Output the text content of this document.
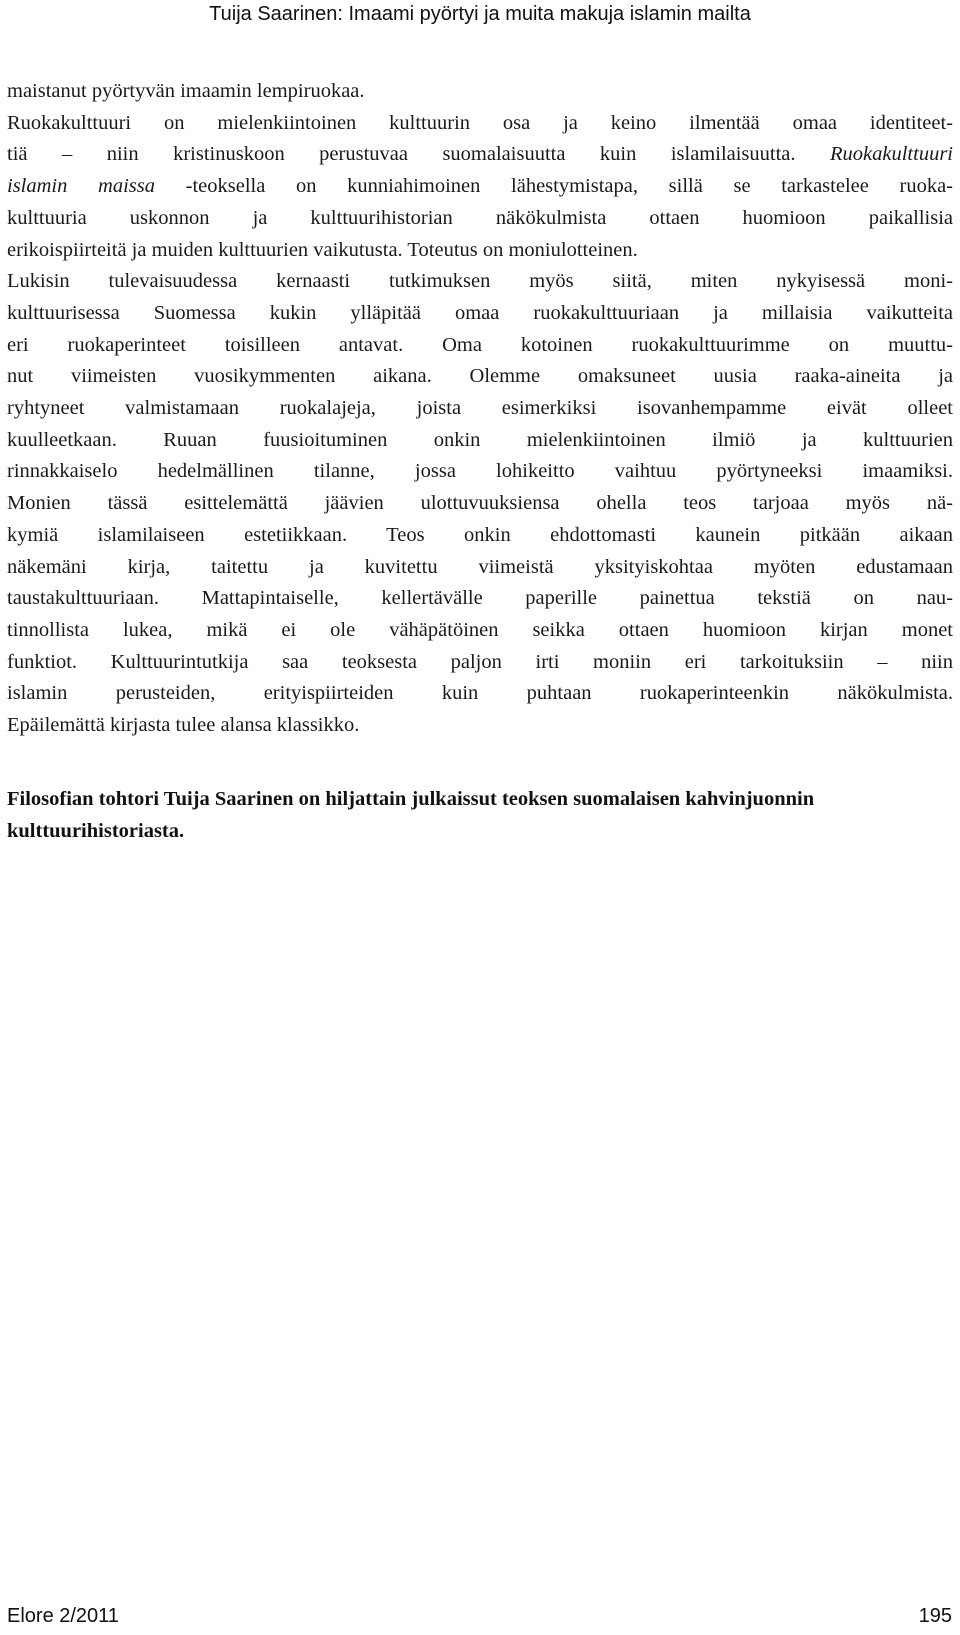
Tuija Saarinen: Imaami pyörtyi ja muita makuja islamin mailta
maistanut pyörtyvän imaamin lempiruokaa.
Ruokakulttuuri on mielenkiintoinen kulttuurin osa ja keino ilmentää omaa identiteet-
tiä – niin kristinuskoon perustuvaa suomalaisuutta kuin islamilaisuutta. Ruokakulttuuri
islamin maissa -teoksella on kunniahimoinen lähestymistapa, sillä se tarkastelee ruoka-
kulttuuria uskonnon ja kulttuurihistorian näkökulmista ottaen huomioon paikallisia
erikoispiirteitä ja muiden kulttuurien vaikutusta. Toteutus on moniulotteinen.
Lukisin tulevaisuudessa kernaasti tutkimuksen myös siitä, miten nykyisessä moni-
kulttuurisessa Suomessa kukin ylläpitää omaa ruokakulttuuriaan ja millaisia vaikutteita
eri ruokaperinteet toisilleen antavat. Oma kotoinen ruokakulttuurimme on muuttu-
nut viimeisten vuosikymmenten aikana. Olemme omaksuneet uusia raaka-aineita ja
ryhtyneet valmistamaan ruokalajeja, joista esimerkiksi isovanhempamme eivät olleet
kuulleetkaan. Ruuan fuusioituminen onkin mielenkiintoinen ilmiö ja kulttuurien
rinnakkaiselo hedelmällinen tilanne, jossa lohikeitto vaihtuu pyörtyneeksi imaamiksi.
Monien tässä esittelemättä jäävien ulottuvuuksiensa ohella teos tarjoaa myös nä-
kymiä islamilaiseen estetiikkaan. Teos onkin ehdottomasti kaunein pitkään aikaan
näkemäni kirja, taitettu ja kuvitettu viimeistä yksityiskohtaa myöten edustamaan
taustakulttuuriaan. Mattapintaiselle, kellertävälle paperille painettua tekstiä on nau-
tinnollista lukea, mikä ei ole vähäpätöinen seikka ottaen huomioon kirjan monet
funktiot. Kulttuurintutkija saa teoksesta paljon irti moniin eri tarkoituksiin – niin
islamin perusteiden, erityispiirteiden kuin puhtaan ruokaperinteenkin näkökulmista.
Epäilemättä kirjasta tulee alansa klassikko.
Filosofian tohtori Tuija Saarinen on hiljattain julkaissut teoksen suomalaisen kahvinjuonnin kulttuurihistoriasta.
Elore 2/2011	195
